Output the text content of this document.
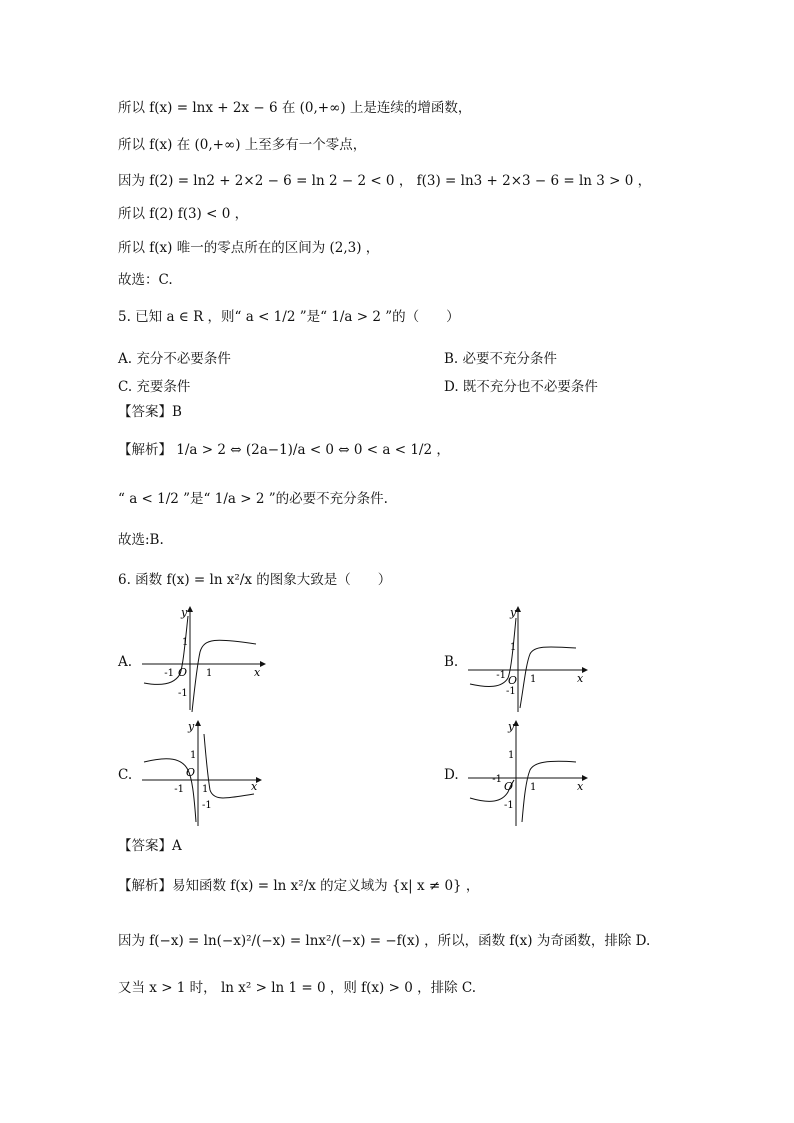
所以 f(x) = lnx + 2x − 6 在 (0,+∞) 上是连续的增函数，
所以 f(x) 在 (0,+∞) 上至多有一个零点，
因为 f(2) = ln2 + 2×2 − 6 = ln 2 − 2 < 0 ， f(3) = ln3 + 2×3 − 6 = ln 3 > 0 ，
所以 f(2) f(3) < 0 ，
所以 f(x) 唯一的零点所在的区间为 (2,3) ，
故选：C.
5. 已知 a ∈ R ，则“ a < 1/2 ”是“ 1/a > 2 ”的（　　）
A. 充分不必要条件	B. 必要不充分条件
C. 充要条件	D. 既不充分也不必要条件
【答案】B
【解析】 1/a > 2 ⇔ (2a−1)/a < 0 ⇔ 0 < a < 1/2 ，
“ a < 1/2 ”是“ 1/a > 2 ”的必要不充分条件.
故选:B.
6. 函数 f(x) = ln x²/x 的图象大致是（　　）
A.	B.
C.	D.
y
x
O
-1	1
1
-1
y
x
O
-1 1
1
-1
y
x
O
-1 1
1
-1
y
x
O
-1
1
1
-1
【答案】A
【解析】易知函数 f(x) = ln x²/x 的定义域为 {x| x ≠ 0} ，
因为 f(−x) = ln(−x)²/(−x) = lnx²/(−x) = −f(x) ，所以，函数 f(x) 为奇函数，排除 D.
又当 x > 1 时， ln x² > ln 1 = 0 ，则 f(x) > 0 ，排除 C.
